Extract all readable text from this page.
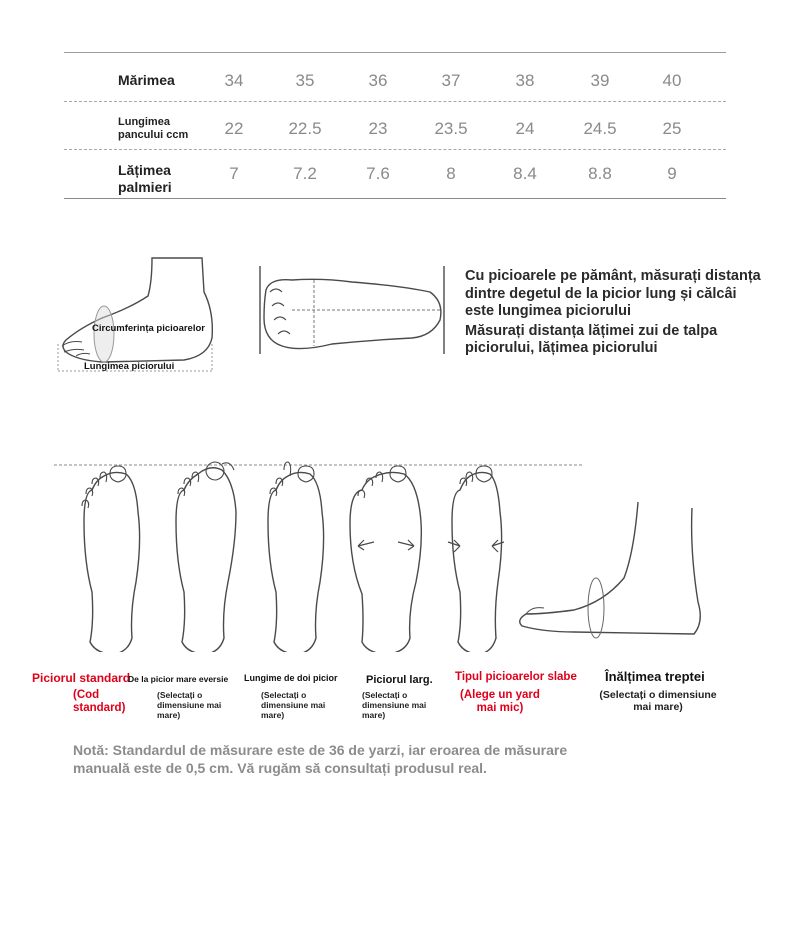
Mărimea	34	35	36	37	38	39	40
Lungimea
pancului ccm 22	22.5	23	23.5	24	24.5	25
Lățimea
palmieri
7	7.2	7.6	8	8.4	8.8	9
Circumferința picioarelor
Lungimea piciorului

Cu picioarele pe pământ, măsurați distanța dintre degetul de la picior lung și călcâi este lungimea piciorului

Măsurați distanța lățimei zui de talpa piciorului, lățimea piciorului

Piciorul standard
(Cod standard)
De la picior mare eversie
(Selectați o dimensiune mai mare)
Lungime de doi picior
(Selectați o dimensiune mai mare)
Piciorul larg.
(Selectați o dimensiune mai mare)
Tipul picioarelor slabe
(Alege un yard mai mic)
Înălțimea treptei
(Selectați o dimensiune mai mare)

Notă: Standardul de măsurare este de 36 de yarzi, iar eroarea de măsurare manuală este de 0,5 cm. Vă rugăm să consultați produsul real.
